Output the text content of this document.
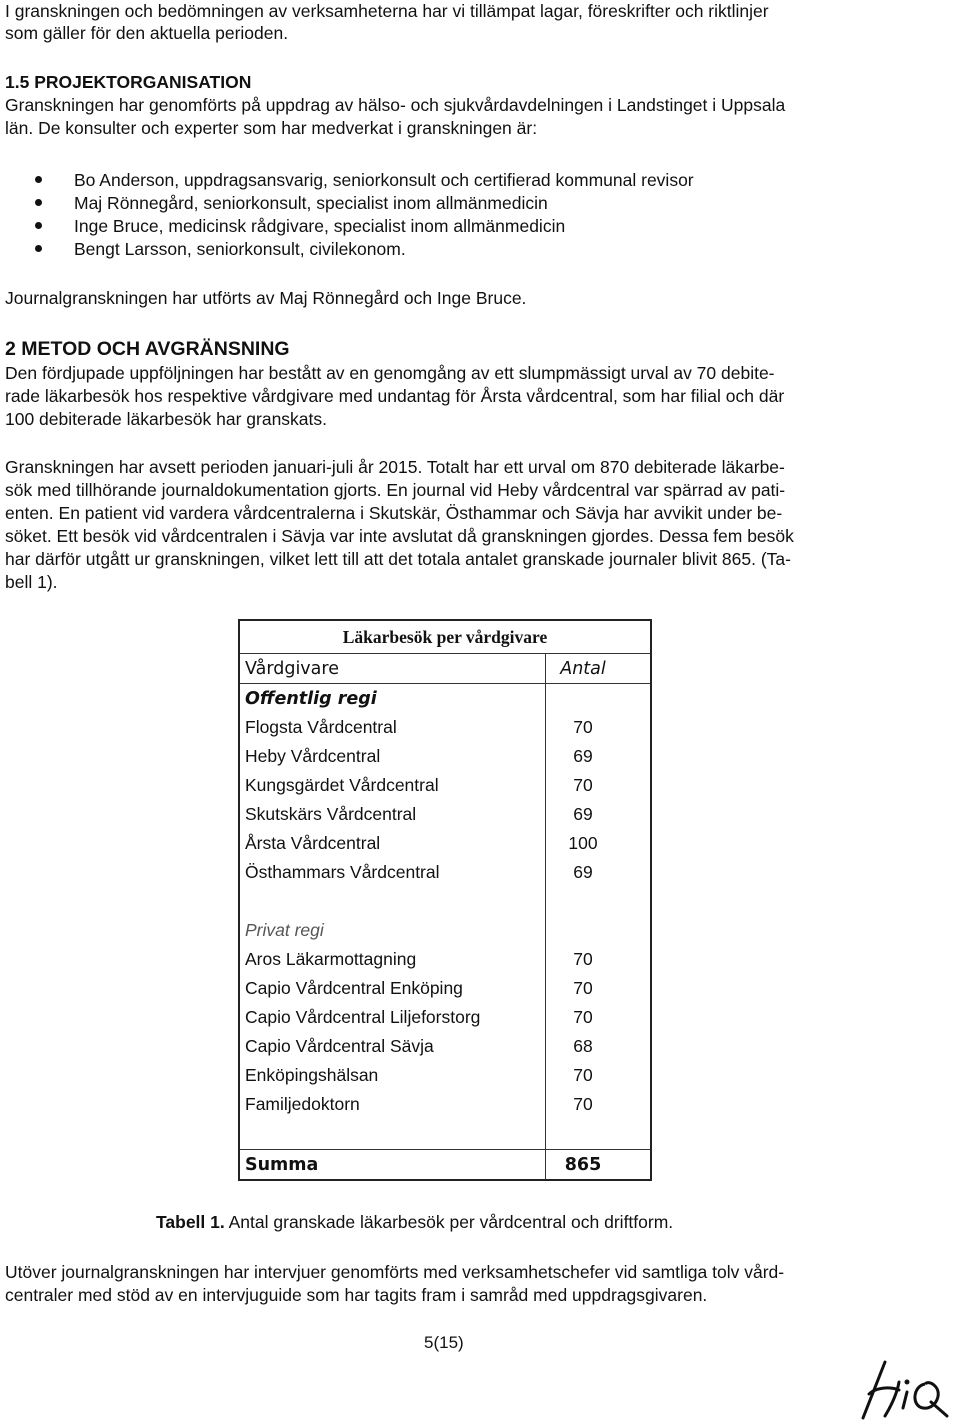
I granskningen och bedömningen av verksamheterna har vi tillämpat lagar, föreskrifter och riktlinjer
som gäller för den aktuella perioden.
1.5 PROJEKTORGANISATION
Granskningen har genomförts på uppdrag av hälso- och sjukvårdavdelningen i Landstinget i Uppsala
län. De konsulter och experter som har medverkat i granskningen är:
Bo Anderson, uppdragsansvarig, seniorkonsult och certifierad kommunal revisor
Maj Rönnegård, seniorkonsult, specialist inom allmänmedicin
Inge Bruce, medicinsk rådgivare, specialist inom allmänmedicin
Bengt Larsson, seniorkonsult, civilekonom.
Journalgranskningen har utförts av Maj Rönnegård och Inge Bruce.
2 METOD OCH AVGRÄNSNING
Den fördjupade uppföljningen har bestått av en genomgång av ett slumpmässigt urval av 70 debite-
rade läkarbesök hos respektive vårdgivare med undantag för Årsta vårdcentral, som har filial och där
100 debiterade läkarbesök har granskats.
Granskningen har avsett perioden januari-juli år 2015. Totalt har ett urval om 870 debiterade läkarbe-
sök med tillhörande journaldokumentation gjorts. En journal vid Heby vårdcentral var spärrad av pati-
enten. En patient vid vardera vårdcentralerna i Skutskär, Östhammar och Sävja har avvikit under be-
söket. Ett besök vid vårdcentralen i Sävja var inte avslutat då granskningen gjordes. Dessa fem besök
har därför utgått ur granskningen, vilket lett till att det totala antalet granskade journaler blivit 865. (Ta-
bell 1).
Läkarbesök per vårdgivare	
Vårdgivare	Antal
Offentlig regi	
Flogsta Vårdcentral	70
Heby Vårdcentral	69
Kungsgärdet Vårdcentral	70
Skutskärs Vårdcentral	69
Årsta Vårdcentral	100
Östhammars Vårdcentral	69

Privat regi	
Aros Läkarmottagning	70
Capio Vårdcentral Enköping	70
Capio Vårdcentral Liljeforstorg	70
Capio Vårdcentral Sävja	68
Enköpingshälsan	70
Familjedoktorn	70

Summa	865
Tabell 1. Antal granskade läkarbesök per vårdcentral och driftform.
Utöver journalgranskningen har intervjuer genomförts med verksamhetschefer vid samtliga tolv vård-
centraler med stöd av en intervjuguide som har tagits fram i samråd med uppdragsgivaren.
5(15)
